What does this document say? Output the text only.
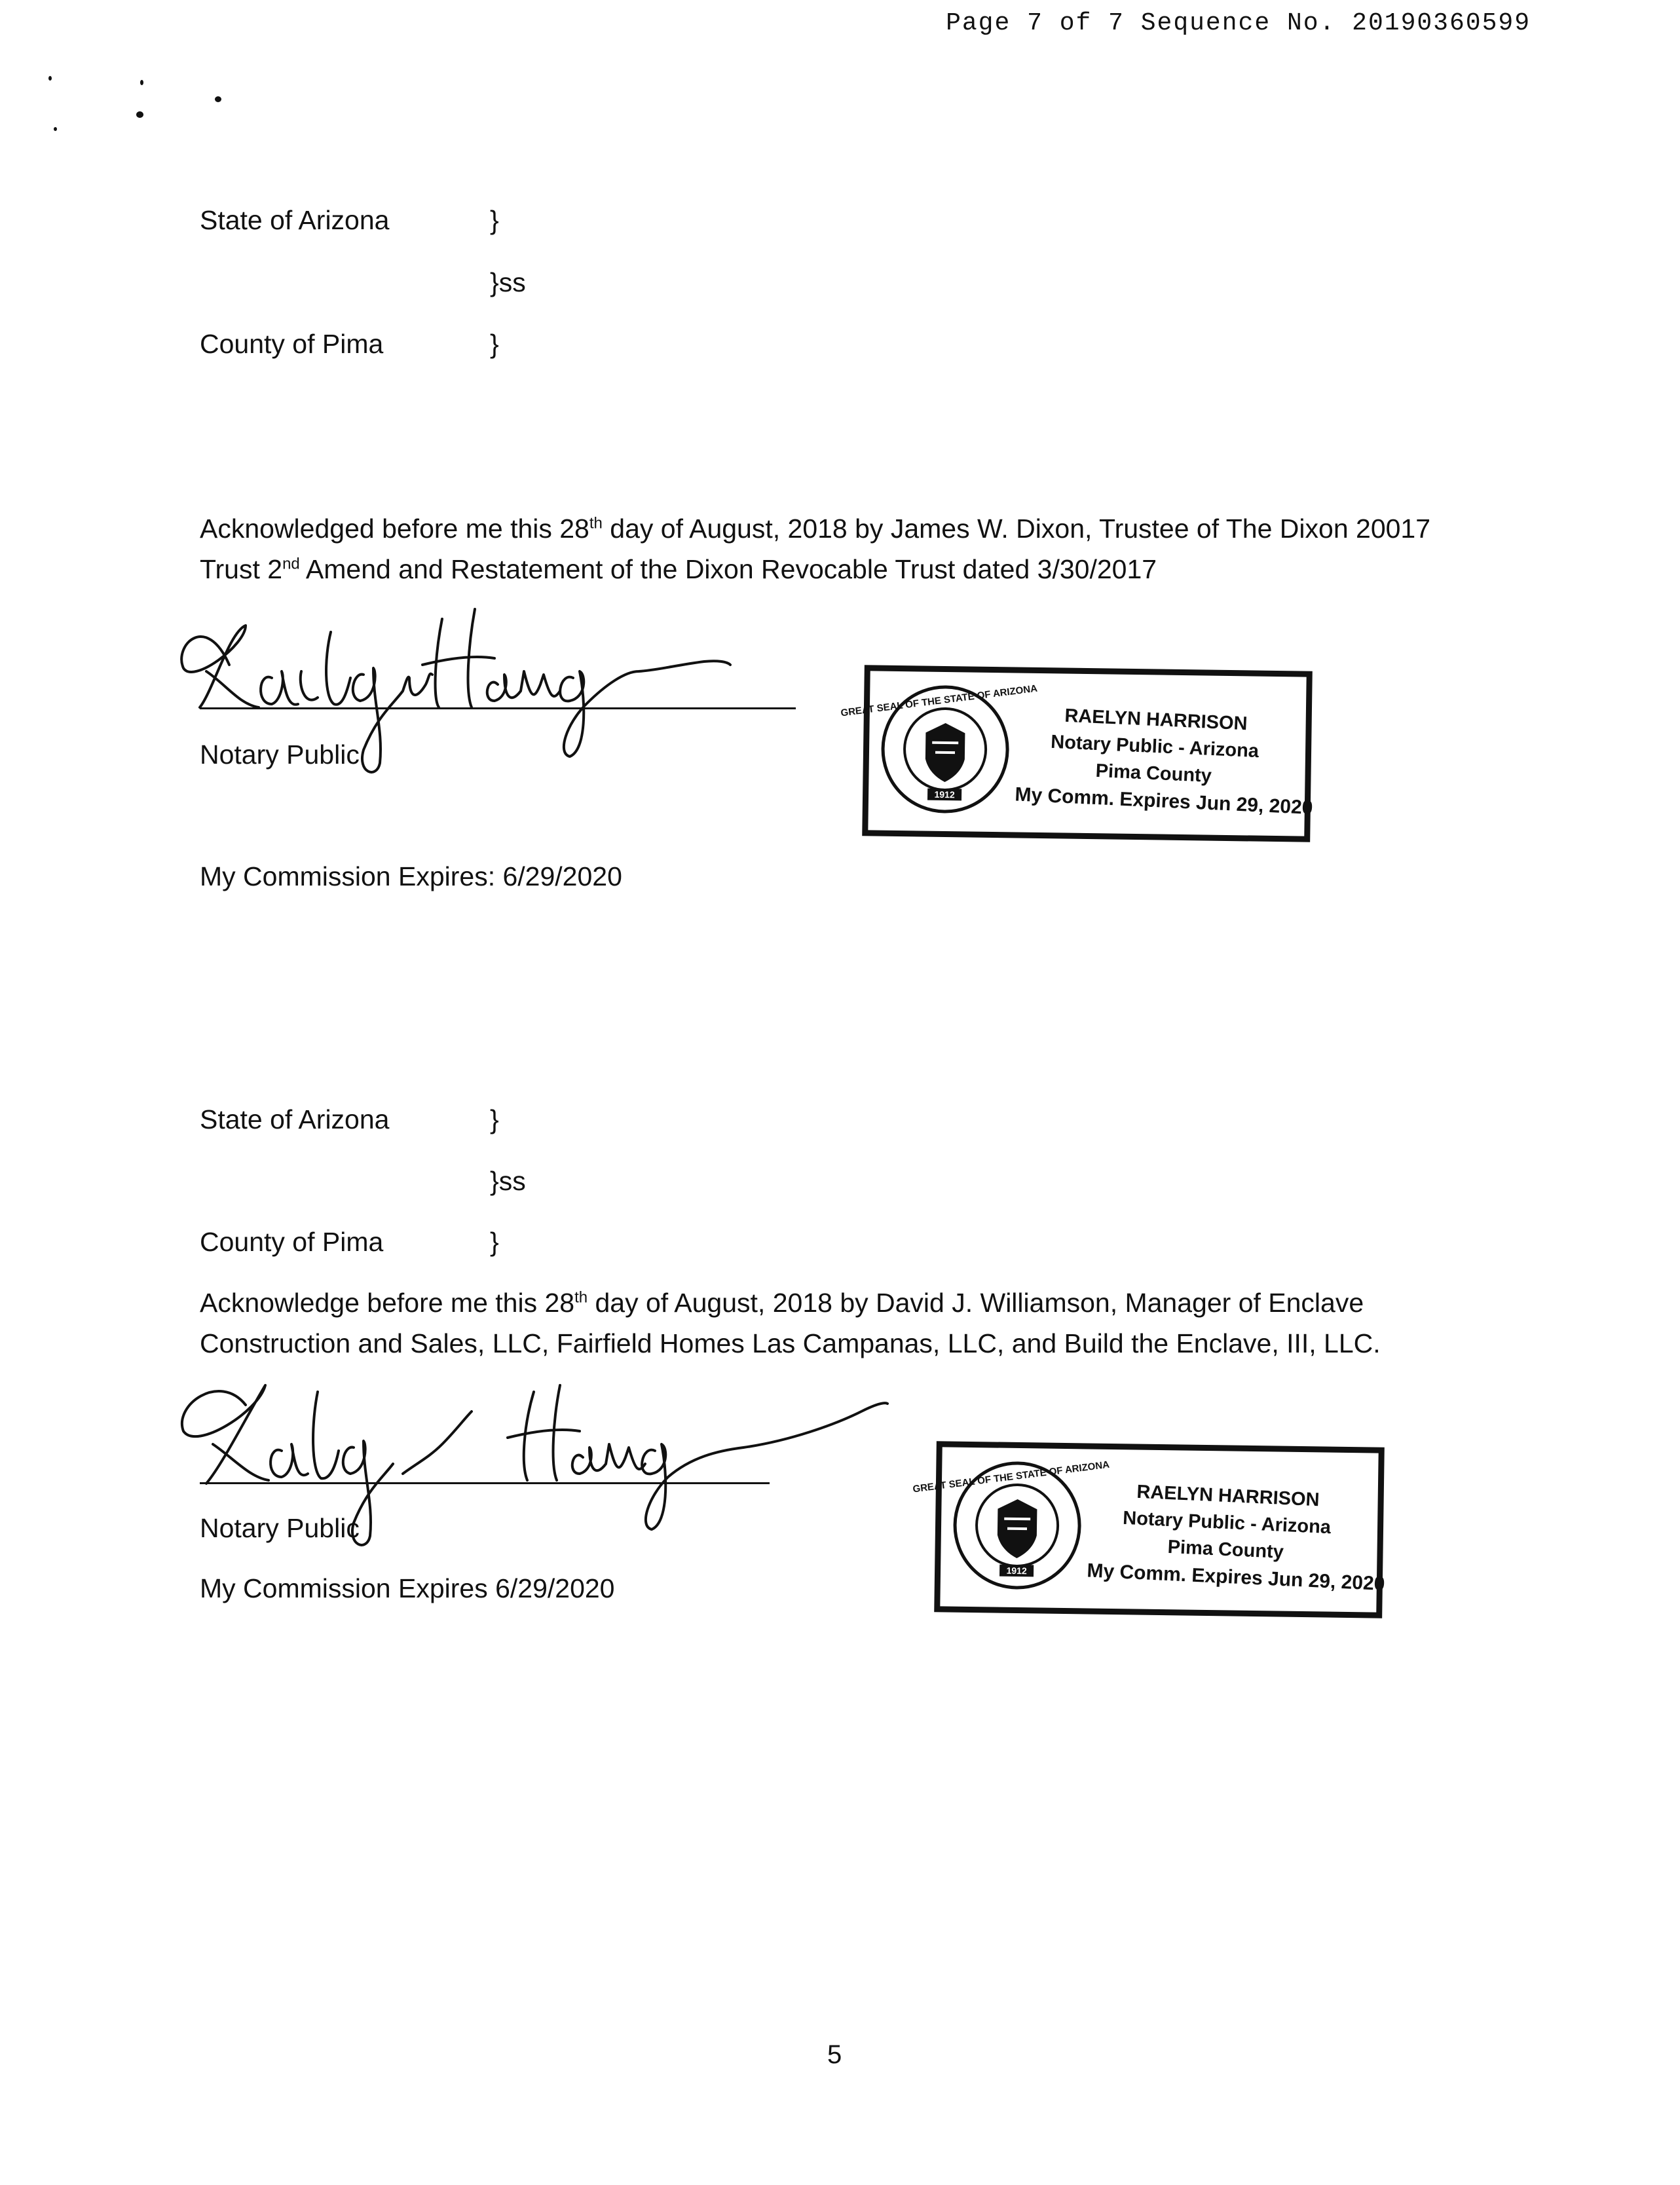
Page 7 of 7 Sequence No. 20190360599
State of Arizona	}
}ss
County of Pima	}
Acknowledged before me this 28th day of August, 2018 by James W. Dixon, Trustee of The Dixon 20017
Trust 2nd Amend and Restatement of the Dixon Revocable Trust dated 3/30/2017
Notary Public
1912
GREAT SEAL OF THE STATE OF ARIZONA
RAELYN HARRISON
Notary Public - Arizona
Pima County
My Comm. Expires Jun 29, 2020
My Commission Expires: 6/29/2020
State of Arizona	}
}ss
County of Pima	}
Acknowledge before me this 28th day of August, 2018 by David J. Williamson, Manager of Enclave
Construction and Sales, LLC, Fairfield Homes Las Campanas, LLC, and Build the Enclave, III, LLC.
Notary Public
My Commission Expires 6/29/2020
1912
GREAT SEAL OF THE STATE OF ARIZONA
RAELYN HARRISON
Notary Public - Arizona
Pima County
My Comm. Expires Jun 29, 2020
5
